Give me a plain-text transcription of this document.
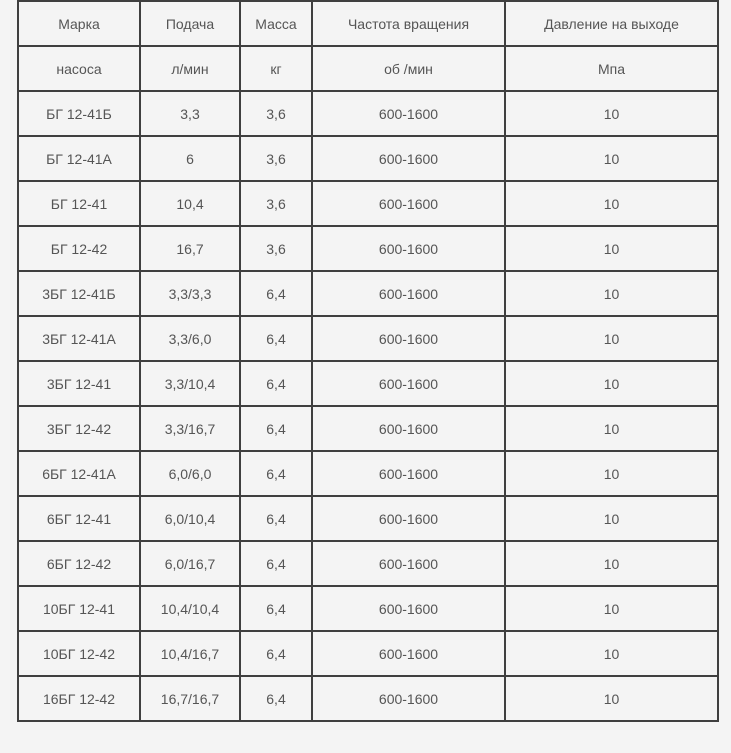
Марка	Подача	Масса	Частота вращения	Давление на выходе
насоса	л/мин	кг	об /мин	Мпа
БГ 12-41Б	3,3	3,6	600-1600	10
БГ 12-41А	6	3,6	600-1600	10
БГ 12-41	10,4	3,6	600-1600	10
БГ 12-42	16,7	3,6	600-1600	10
3БГ 12-41Б	3,3/3,3	6,4	600-1600	10
3БГ 12-41А	3,3/6,0	6,4	600-1600	10
3БГ 12-41	3,3/10,4	6,4	600-1600	10
3БГ 12-42	3,3/16,7	6,4	600-1600	10
6БГ 12-41А	6,0/6,0	6,4	600-1600	10
6БГ 12-41	6,0/10,4	6,4	600-1600	10
6БГ 12-42	6,0/16,7	6,4	600-1600	10
10БГ 12-41	10,4/10,4	6,4	600-1600	10
10БГ 12-42	10,4/16,7	6,4	600-1600	10
16БГ 12-42	16,7/16,7	6,4	600-1600	10
